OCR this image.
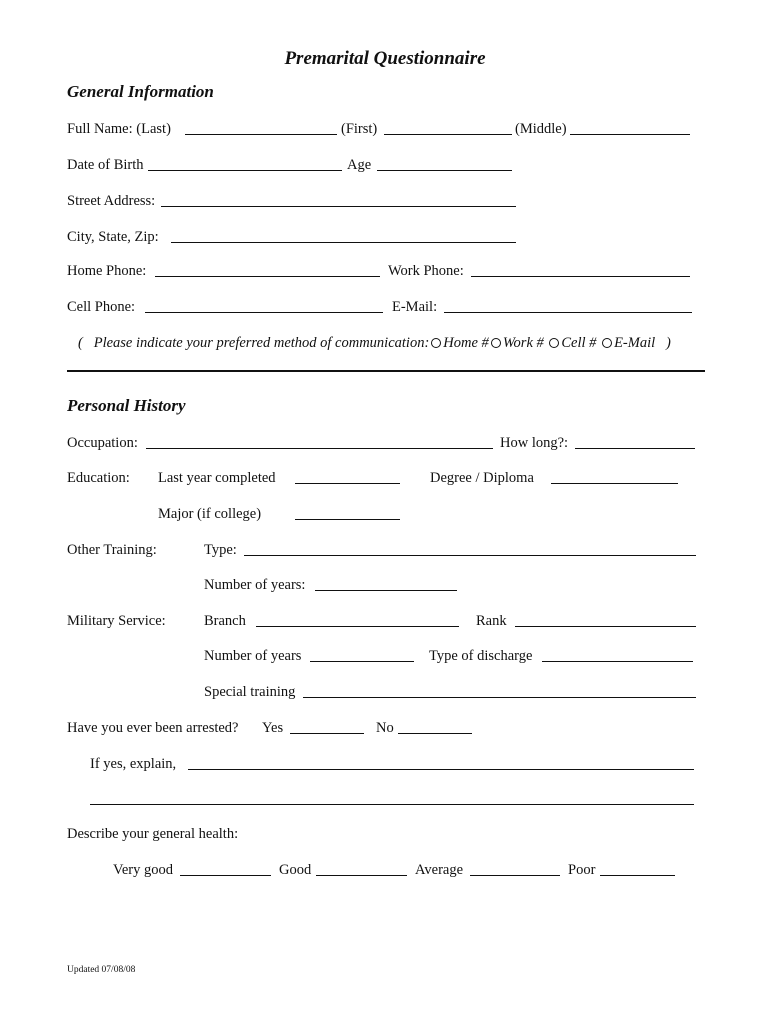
Premarital Questionnaire
General Information
Full Name: (Last)	(First)	(Middle)
Date of Birth	Age
Street Address:
City, State, Zip:
Home Phone:	Work Phone:
Cell Phone:	E-Mail:
( Please indicate your preferred method of communication: Home # Work # Cell # E-Mail )
Personal History
Occupation:	How long?:
Education: Last year completed	Degree / Diploma
Major (if college)
Other Training:	Type:
Number of years:
Military Service:	Branch	Rank
Number of years	Type of discharge
Special training
Have you ever been arrested? Yes	No
If yes, explain,
Describe your general health:
Very good	Good	Average	Poor
Updated 07/08/08
